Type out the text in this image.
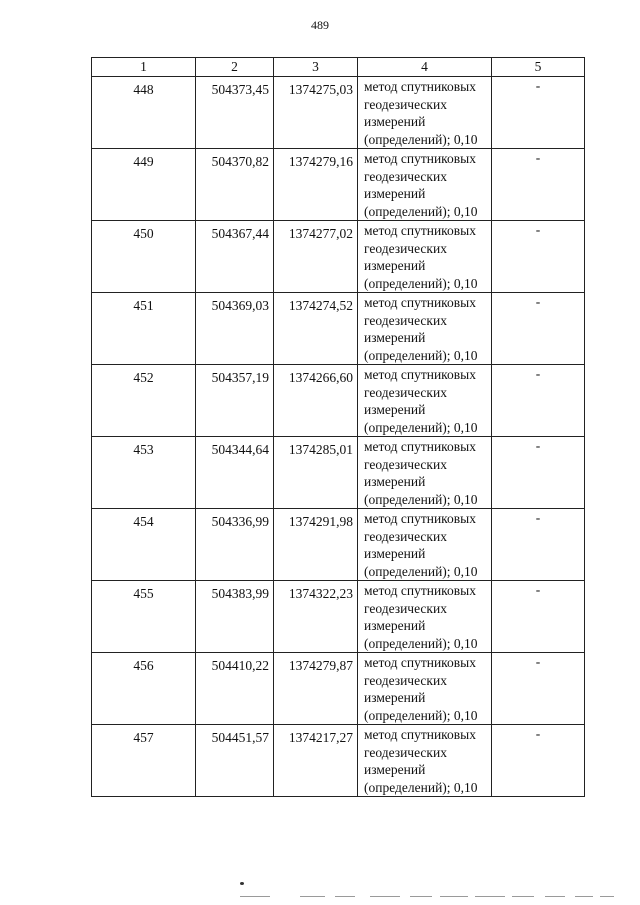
489
1	2	3	4	5
448	504373,45	1374275,03	метод спутниковых геодезических измерений (определений); 0,10	-
449	504370,82	1374279,16	метод спутниковых геодезических измерений (определений); 0,10	-
450	504367,44	1374277,02	метод спутниковых геодезических измерений (определений); 0,10	-
451	504369,03	1374274,52	метод спутниковых геодезических измерений (определений); 0,10	-
452	504357,19	1374266,60	метод спутниковых геодезических измерений (определений); 0,10	-
453	504344,64	1374285,01	метод спутниковых геодезических измерений (определений); 0,10	-
454	504336,99	1374291,98	метод спутниковых геодезических измерений (определений); 0,10	-
455	504383,99	1374322,23	метод спутниковых геодезических измерений (определений); 0,10	-
456	504410,22	1374279,87	метод спутниковых геодезических измерений (определений); 0,10	-
457	504451,57	1374217,27	метод спутниковых геодезических измерений (определений); 0,10	-
